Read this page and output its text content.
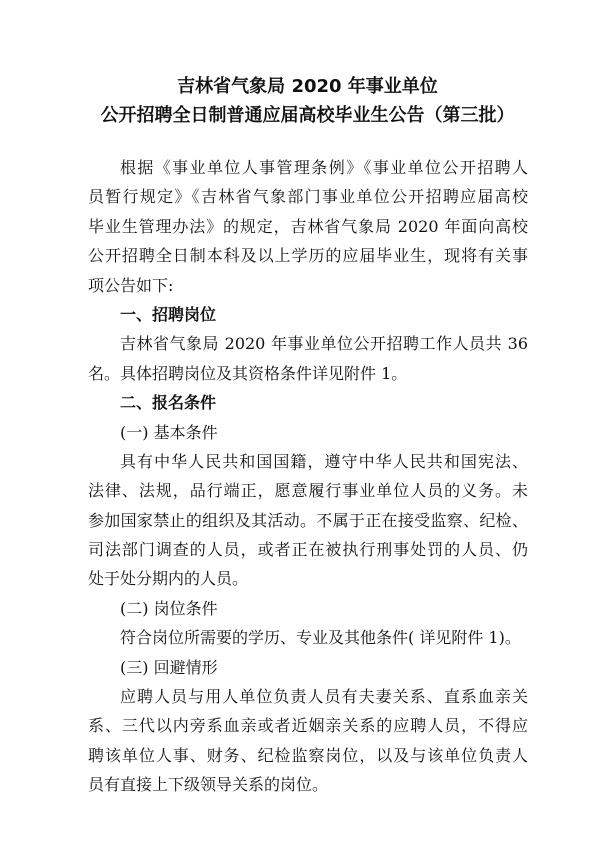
吉林省气象局 2020 年事业单位
公开招聘全日制普通应届高校毕业生公告（第三批）
根据《事业单位人事管理条例》《事业单位公开招聘人
员暂行规定》《吉林省气象部门事业单位公开招聘应届高校
毕业生管理办法》的规定，吉林省气象局 2020 年面向高校
公开招聘全日制本科及以上学历的应届毕业生，现将有关事
项公告如下:
一、招聘岗位
吉林省气象局 2020 年事业单位公开招聘工作人员共 36
名。具体招聘岗位及其资格条件详见附件 1。
二、报名条件
(一) 基本条件
具有中华人民共和国国籍，遵守中华人民共和国宪法、
法律、法规，品行端正，愿意履行事业单位人员的义务。未
参加国家禁止的组织及其活动。不属于正在接受监察、纪检、
司法部门调查的人员，或者正在被执行刑事处罚的人员、仍
处于处分期内的人员。
(二) 岗位条件
符合岗位所需要的学历、专业及其他条件( 详见附件 1)。
(三) 回避情形
应聘人员与用人单位负责人员有夫妻关系、直系血亲关
系、三代以内旁系血亲或者近姻亲关系的应聘人员，不得应
聘该单位人事、财务、纪检监察岗位，以及与该单位负责人
员有直接上下级领导关系的岗位。
